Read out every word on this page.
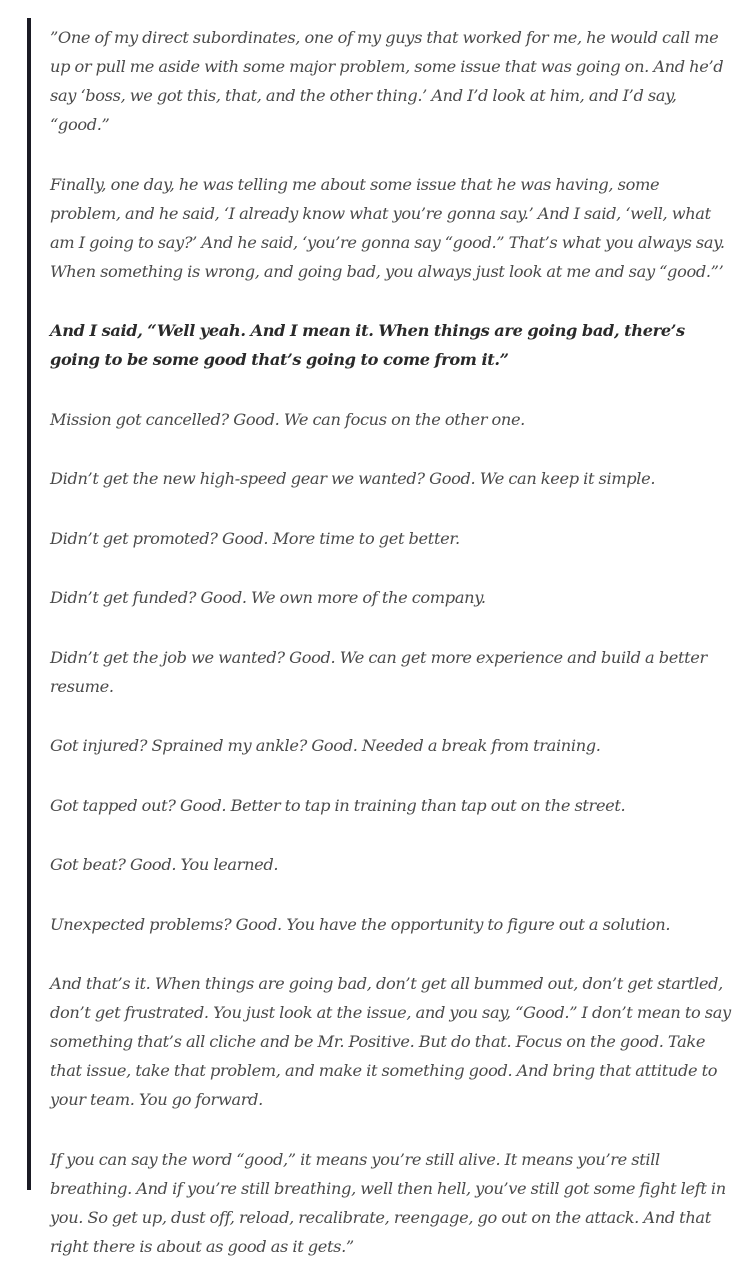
”One of my direct subordinates, one of my guys that worked for me, he would call me up or pull me aside with some major problem, some issue that was going on. And he’d say ‘boss, we got this, that, and the other thing.’ And I’d look at him, and I’d say, “good.”

Finally, one day, he was telling me about some issue that he was having, some problem, and he said, ‘I already know what you’re gonna say.’ And I said, ‘well, what am I going to say?’ And he said, ‘you’re gonna say “good.” That’s what you always say. When something is wrong, and going bad, you always just look at me and say “good.”’

And I said, “Well yeah. And I mean it. When things are going bad, there’s going to be some good that’s going to come from it.”

Mission got cancelled? Good. We can focus on the other one.

Didn’t get the new high-speed gear we wanted? Good. We can keep it simple.

Didn’t get promoted? Good. More time to get better.

Didn’t get funded? Good. We own more of the company.

Didn’t get the job we wanted? Good. We can get more experience and build a better resume.

Got injured? Sprained my ankle? Good. Needed a break from training.

Got tapped out? Good. Better to tap in training than tap out on the street.

Got beat? Good. You learned.

Unexpected problems? Good. You have the opportunity to figure out a solution.

And that’s it. When things are going bad, don’t get all bummed out, don’t get startled, don’t get frustrated. You just look at the issue, and you say, “Good.” I don’t mean to say something that’s all cliche and be Mr. Positive. But do that. Focus on the good. Take that issue, take that problem, and make it something good. And bring that attitude to your team. You go forward.

If you can say the word “good,” it means you’re still alive. It means you’re still breathing. And if you’re still breathing, well then hell, you’ve still got some fight left in you. So get up, dust off, reload, recalibrate, reengage, go out on the attack. And that right there is about as good as it gets.”
